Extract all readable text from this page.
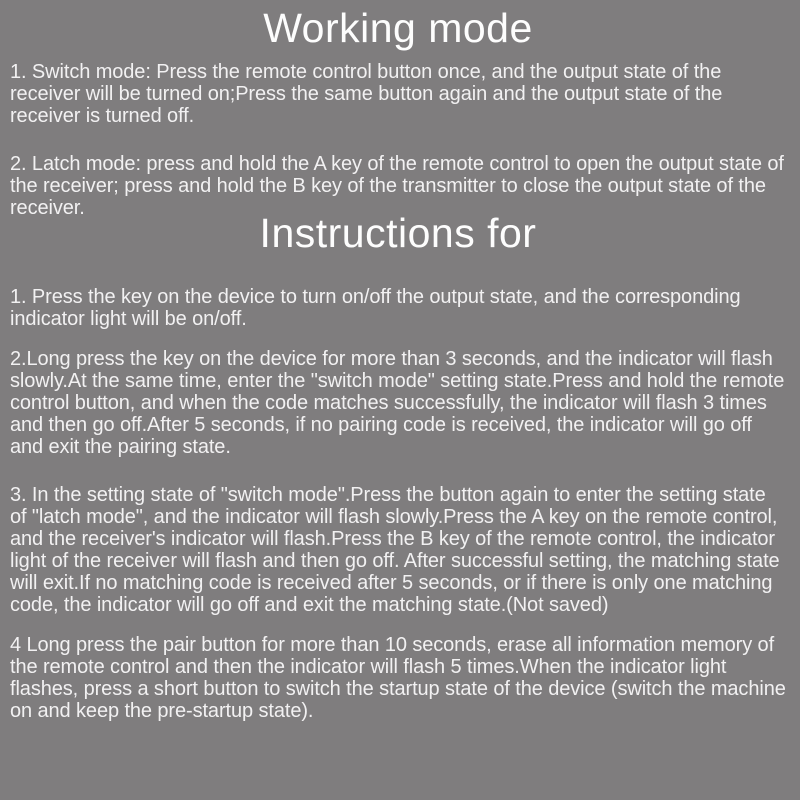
Working mode

1. Switch mode: Press the remote control button once, and the output state of the receiver will be turned on;Press the same button again and the output state of the receiver is turned off.

2. Latch mode: press and hold the A key of the remote control to open the output state of the receiver; press and hold the B key of the transmitter to close the output state of the receiver.

Instructions for

1. Press the key on the device to turn on/off the output state, and the corresponding indicator light will be on/off.

2.Long press the key on the device for more than 3 seconds, and the indicator will flash slowly.At the same time, enter the "switch mode" setting state.Press and hold the remote control button, and when the code matches successfully, the indicator will flash 3 times and then go off.After 5 seconds, if no pairing code is received, the indicator will go off and exit the pairing state.

3. In the setting state of "switch mode".Press the button again to enter the setting state of "latch mode", and the indicator will flash slowly.Press the A key on the remote control, and the receiver's indicator will flash.Press the B key of the remote control, the indicator light of the receiver will flash and then go off. After successful setting, the matching state will exit.If no matching code is received after 5 seconds, or if there is only one matching code, the indicator will go off and exit the matching state.(Not saved)

4 Long press the pair button for more than 10 seconds, erase all information memory of the remote control and then the indicator will flash 5 times.When the indicator light flashes, press a short button to switch the startup state of the device (switch the machine on and keep the pre-startup state).
